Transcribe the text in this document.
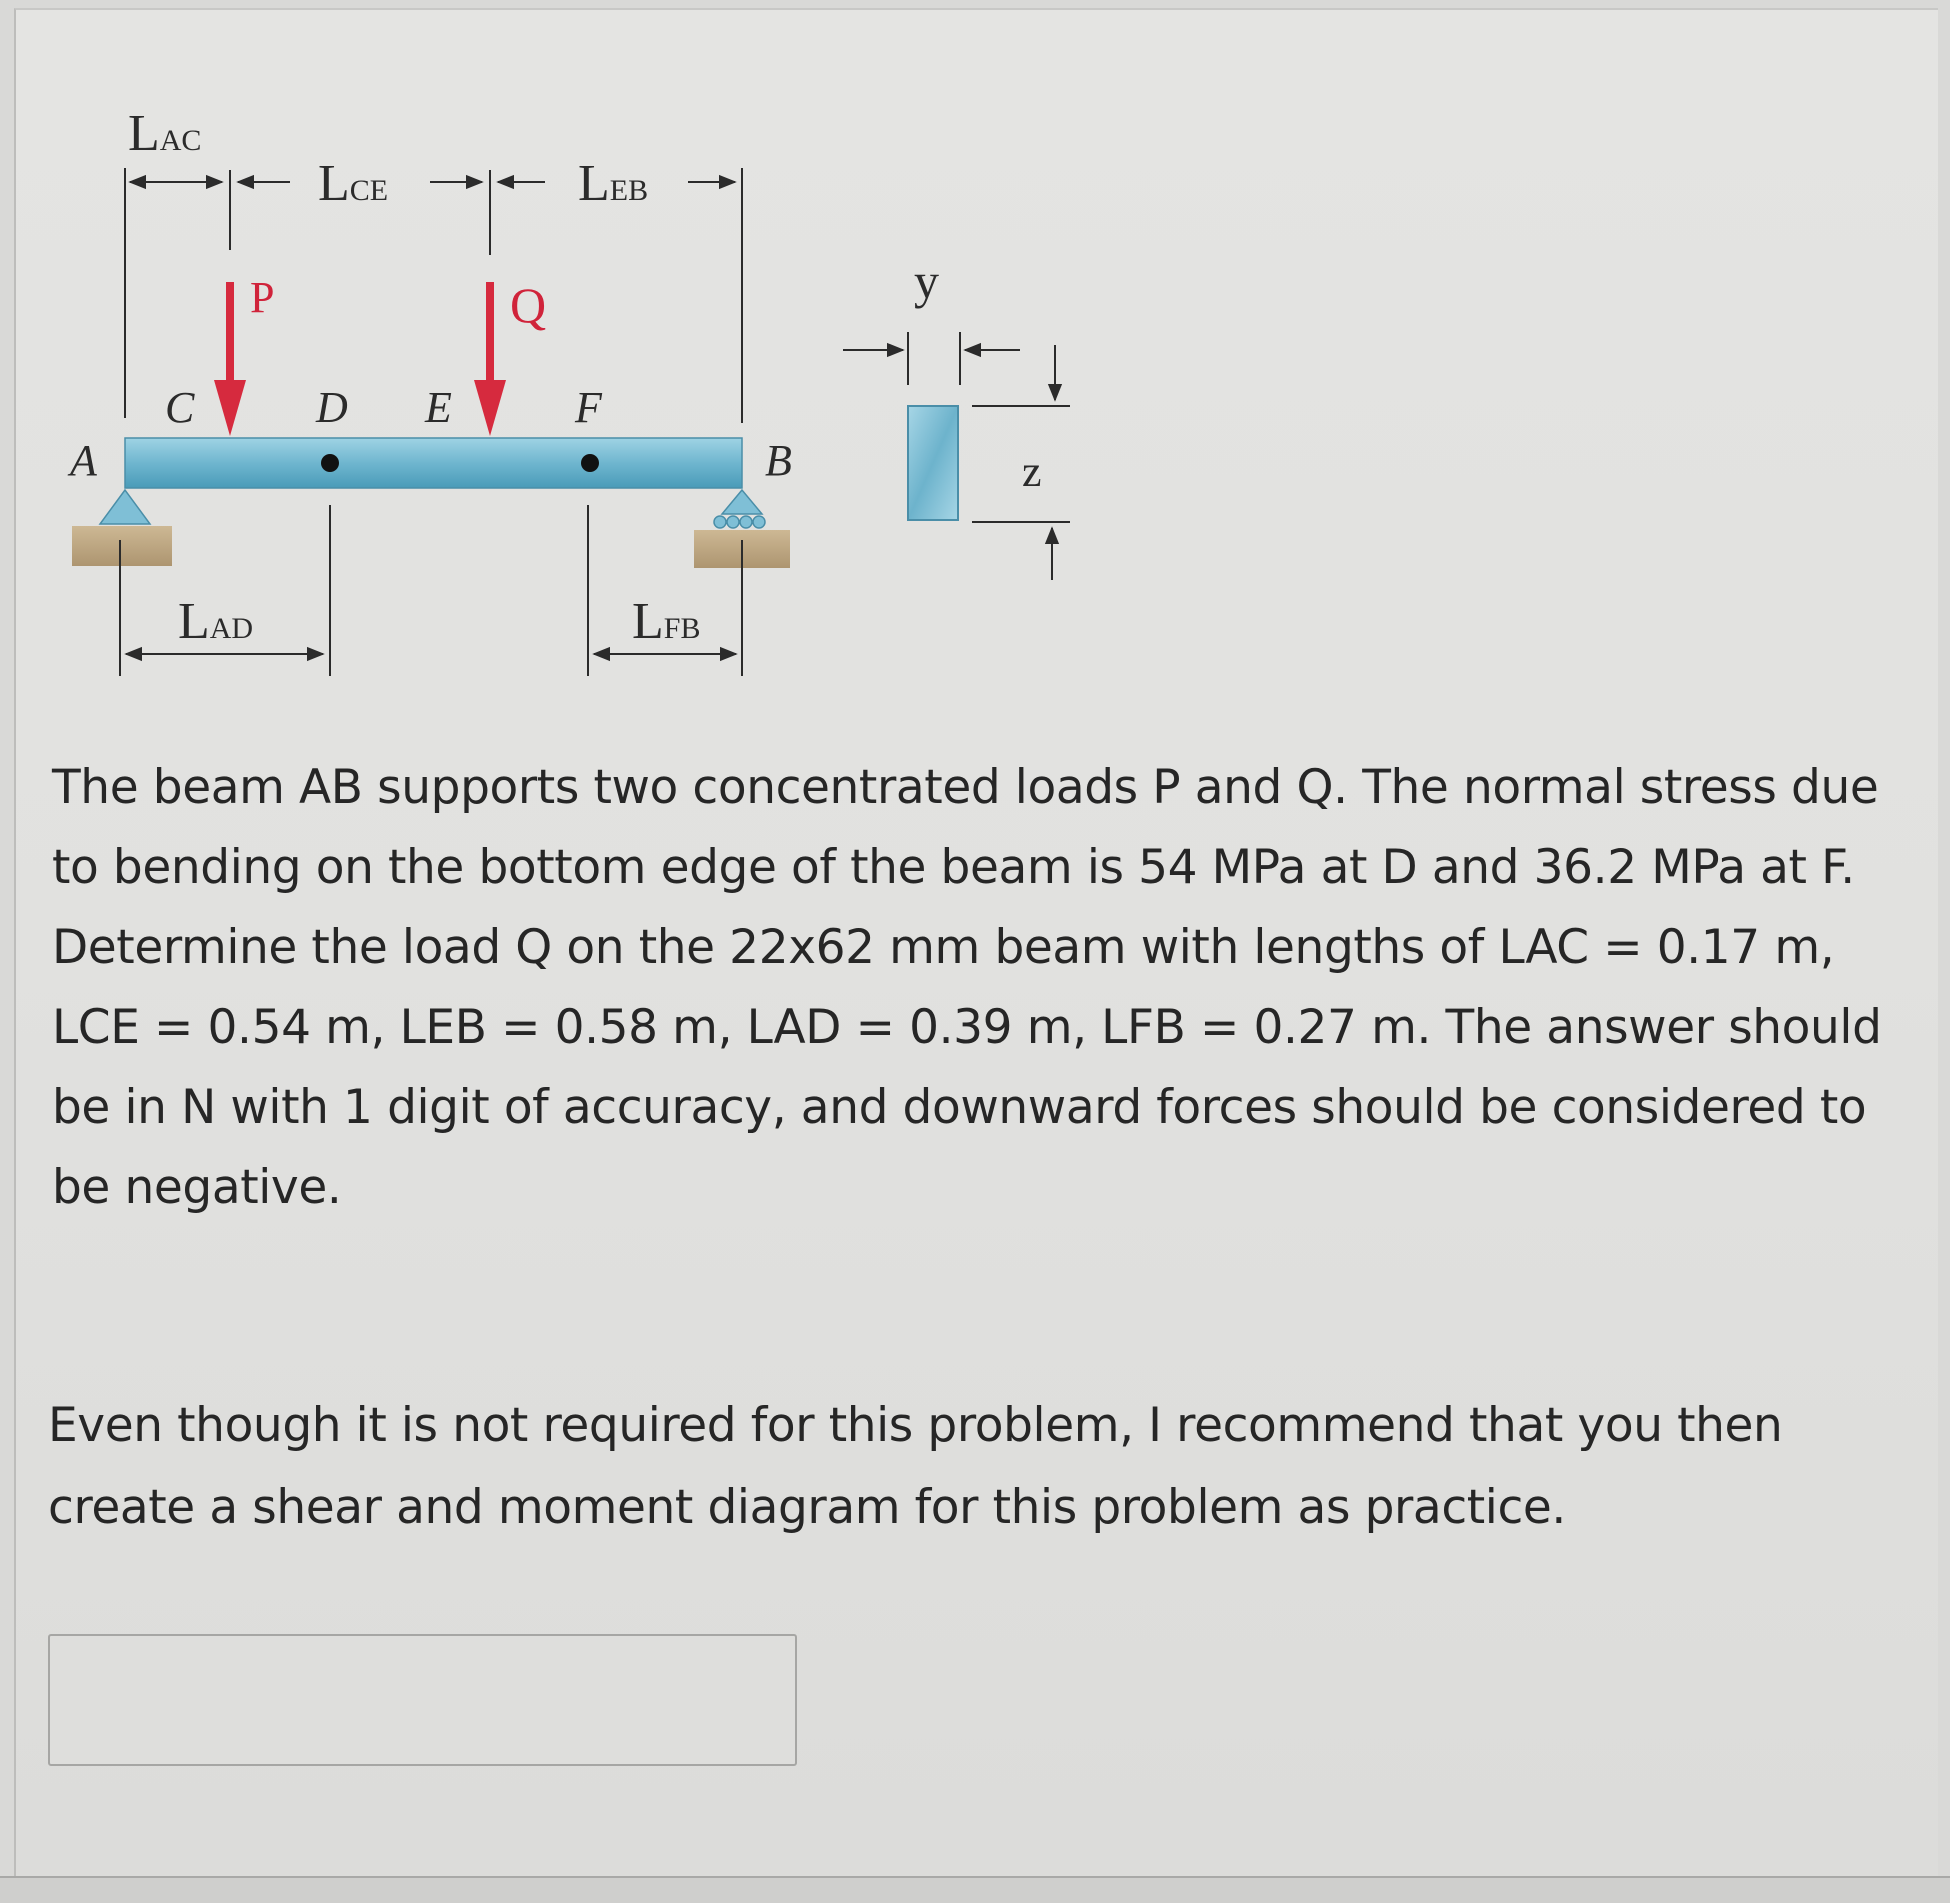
LAC
LCE	LEB
P	Q
A
C	D E	F
B
LAD	LFB
y
z

The beam AB supports two concentrated loads P and Q. The normal stress due
to bending on the bottom edge of the beam is 54 MPa at D and 36.2 MPa at F.
Determine the load Q on the 22x62 mm beam with lengths of LAC = 0.17 m,
LCE = 0.54 m, LEB = 0.58 m, LAD = 0.39 m, LFB = 0.27 m. The answer should
be in N with 1 digit of accuracy, and downward forces should be considered to
be negative.

Even though it is not required for this problem, I recommend that you then
create a shear and moment diagram for this problem as practice.
